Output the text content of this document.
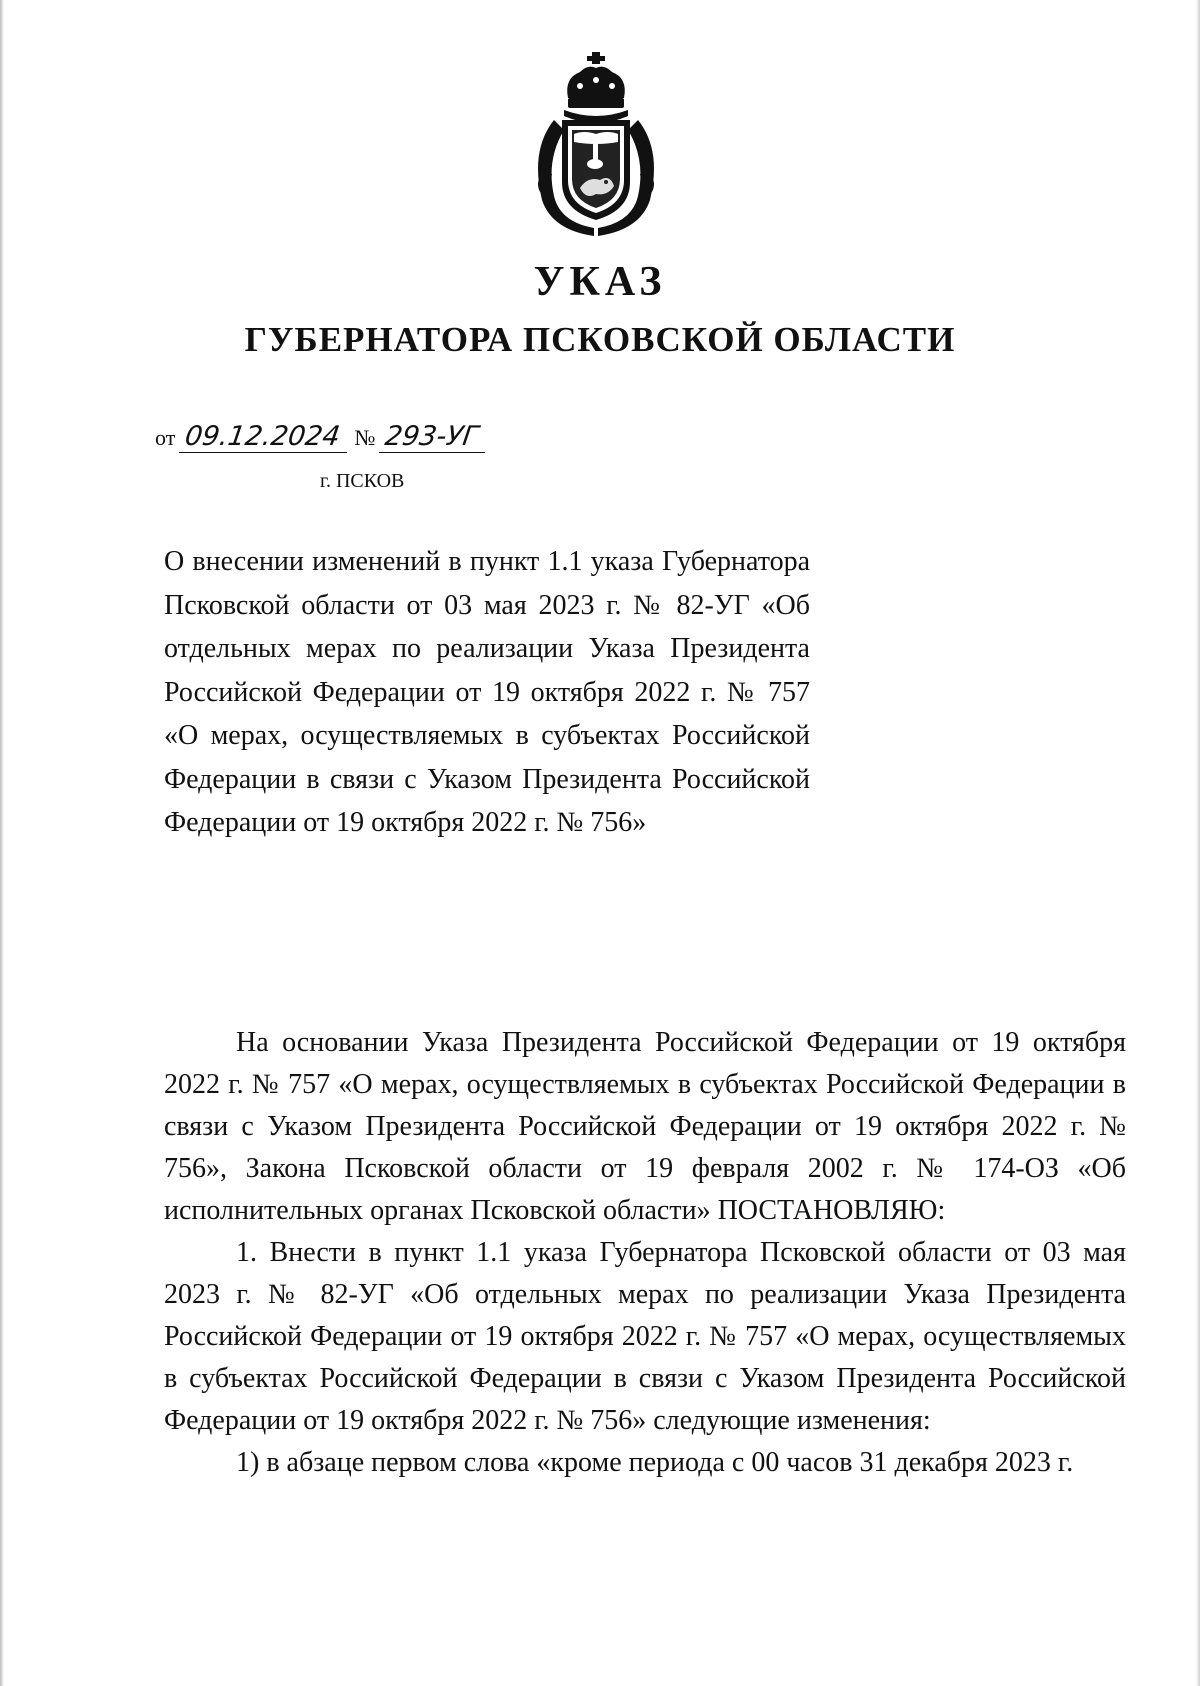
УКАЗ
ГУБЕРНАТОРА ПСКОВСКОЙ ОБЛАСТИ
от 09.12.2024 № 293-УГ
г. ПСКОВ

О внесении изменений в пункт 1.1 указа Губернатора Псковской области от 03 мая 2023 г. № 82-УГ «Об отдельных мерах по реализации Указа Президента Российской Федерации от 19 октября 2022 г. № 757 «О мерах, осуществляемых в субъектах Российской Федерации в связи с Указом Президента Российской Федерации от 19 октября 2022 г. № 756»

На основании Указа Президента Российской Федерации от 19 октября 2022 г. № 757 «О мерах, осуществляемых в субъектах Российской Федерации в связи с Указом Президента Российской Федерации от 19 октября 2022 г. № 756», Закона Псковской области от 19 февраля 2002 г. № 174-ОЗ «Об исполнительных органах Псковской области» ПОСТАНОВЛЯЮ:

1. Внести в пункт 1.1 указа Губернатора Псковской области от 03 мая 2023 г. № 82-УГ «Об отдельных мерах по реализации Указа Президента Российской Федерации от 19 октября 2022 г. № 757 «О мерах, осуществляемых в субъектах Российской Федерации в связи с Указом Президента Российской Федерации от 19 октября 2022 г. № 756» следующие изменения:

1) в абзаце первом слова «кроме периода с 00 часов 31 декабря 2023 г.
